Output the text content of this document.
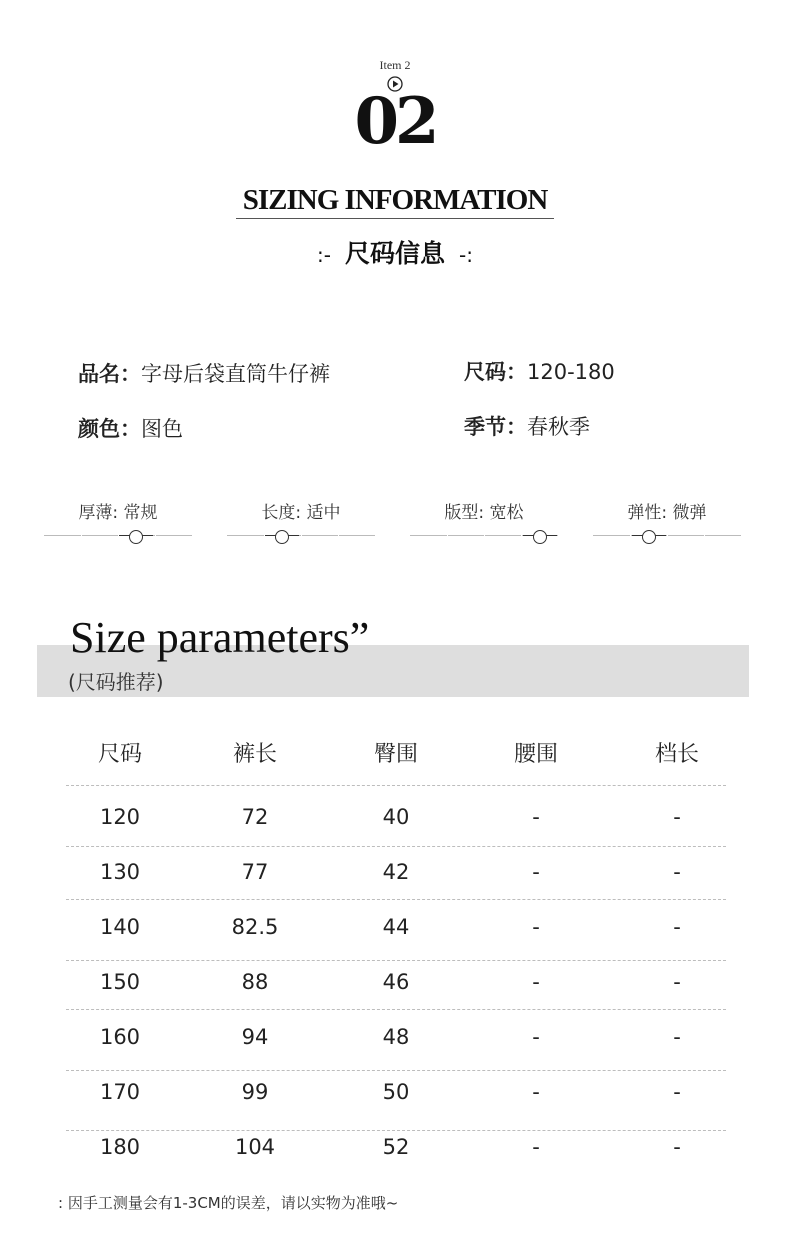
Item 2
02
SIZING INFORMATION
:- 尺码信息 -:
品名：字母后袋直筒牛仔裤	尺码：120-180
颜色：图色	季节：春秋季
厚薄: 常规	长度: 适中	版型: 宽松	弹性: 微弹
Size parameters”
(尺码推荐)
尺码	裤长	臀围	腰围	档长
120	72	40	-	-
130	77	42	-	-
140	82.5	44	-	-
150	88	46	-	-
160	94	48	-	-
170	99	50	-	-
180	104	52	-	-
: 因手工测量会有1-3CM的误差，请以实物为准哦~
